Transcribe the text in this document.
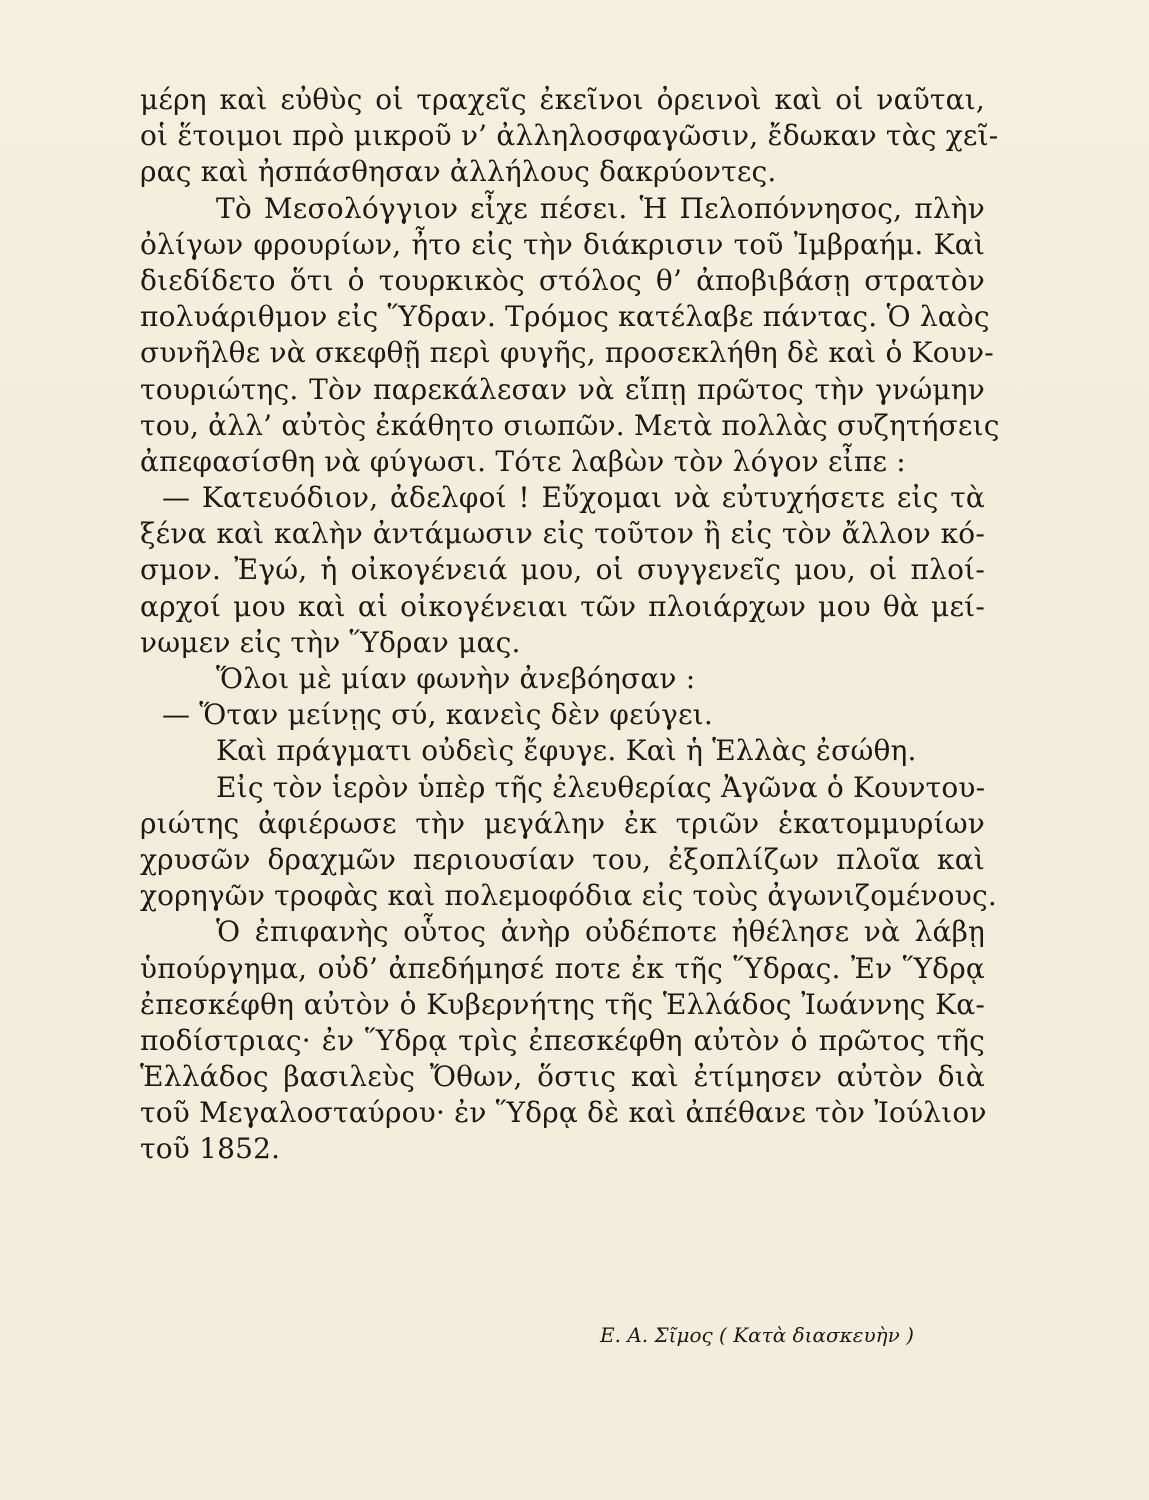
μέρη καὶ εὐθὺς οἱ τραχεῖς ἐκεῖνοι ὀρεινοὶ καὶ οἱ ναῦται,
οἱ ἕτοιμοι πρὸ μικροῦ ν’ ἀλληλοσφαγῶσιν, ἔδωκαν τὰς χεῖ-
ρας καὶ ἠσπάσθησαν ἀλλήλους δακρύοντες.
Τὸ Μεσολόγγιον εἶχε πέσει. Ἡ Πελοπόννησος, πλὴν
ὀλίγων φρουρίων, ἦτο εἰς τὴν διάκρισιν τοῦ Ἰμβραήμ. Καὶ
διεδίδετο ὅτι ὁ τουρκικὸς στόλος θ’ ἀποβιβάσῃ στρατὸν
πολυάριθμον εἰς Ὕδραν. Τρόμος κατέλαβε πάντας. Ὁ λαὸς
συνῆλθε νὰ σκεφθῇ περὶ φυγῆς, προσεκλήθη δὲ καὶ ὁ Κουν-
τουριώτης. Τὸν παρεκάλεσαν νὰ εἴπῃ πρῶτος τὴν γνώμην
του, ἀλλ’ αὐτὸς ἐκάθητο σιωπῶν. Μετὰ πολλὰς συζητήσεις
ἀπεφασίσθη νὰ φύγωσι. Τότε λαβὼν τὸν λόγον εἶπε :
— Κατευόδιον, ἀδελφοί ! Εὔχομαι νὰ εὐτυχήσετε εἰς τὰ
ξένα καὶ καλὴν ἀντάμωσιν εἰς τοῦτον ἢ εἰς τὸν ἄλλον κό-
σμον. Ἐγώ, ἡ οἰκογένειά μου, οἱ συγγενεῖς μου, οἱ πλοί-
αρχοί μου καὶ αἱ οἰκογένειαι τῶν πλοιάρχων μου θὰ μεί-
νωμεν εἰς τὴν Ὕδραν μας.
Ὅλοι μὲ μίαν φωνὴν ἀνεβόησαν :
— Ὅταν μείνῃς σύ, κανεὶς δὲν φεύγει.
Καὶ πράγματι οὐδεὶς ἔφυγε. Καὶ ἡ Ἑλλὰς ἐσώθη.
Εἰς τὸν ἱερὸν ὑπὲρ τῆς ἐλευθερίας Ἀγῶνα ὁ Κουντου-
ριώτης ἀφιέρωσε τὴν μεγάλην ἐκ τριῶν ἑκατομμυρίων
χρυσῶν δραχμῶν περιουσίαν του, ἐξοπλίζων πλοῖα καὶ
χορηγῶν τροφὰς καὶ πολεμοφόδια εἰς τοὺς ἀγωνιζομένους.
Ὁ ἐπιφανὴς οὗτος ἀνὴρ οὐδέποτε ἠθέλησε νὰ λάβῃ
ὑπούργημα, οὐδ’ ἀπεδήμησέ ποτε ἐκ τῆς Ὕδρας. Ἐν Ὕδρᾳ
ἐπεσκέφθη αὐτὸν ὁ Κυβερνήτης τῆς Ἑλλάδος Ἰωάννης Κα-
ποδίστριας· ἐν Ὕδρᾳ τρὶς ἐπεσκέφθη αὐτὸν ὁ πρῶτος τῆς
Ἑλλάδος βασιλεὺς Ὄθων, ὅστις καὶ ἐτίμησεν αὐτὸν διὰ
τοῦ Μεγαλοσταύρου· ἐν Ὕδρᾳ δὲ καὶ ἀπέθανε τὸν Ἰούλιον
τοῦ 1852.
Ε. Α. Σῖμος ( Κατὰ διασκευὴν )
